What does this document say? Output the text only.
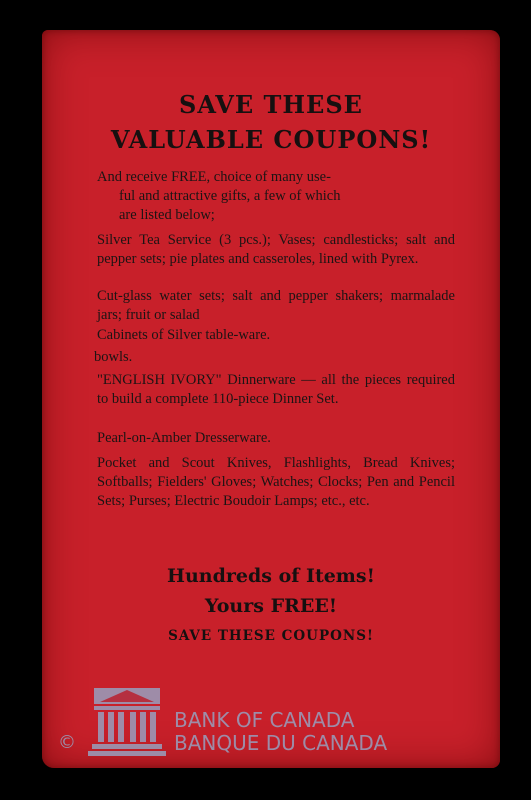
SAVE THESE
VALUABLE COUPONS!

And receive FREE, choice of many use-
ful and attractive gifts, a few of which
are listed below;

Silver Tea Service (3 pcs.); Vases; candlesticks; salt and pepper sets; pie plates and casseroles, lined with Pyrex.

Cut-glass water sets; salt and pepper shakers; marmalade jars; fruit or salad

Cabinets of Silver table-ware.

bowls.

"ENGLISH IVORY" Dinnerware — all the pieces required to build a complete 110-piece Dinner Set.

Pearl-on-Amber Dresserware.

Pocket and Scout Knives, Flashlights, Bread Knives; Softballs; Fielders' Gloves; Watches; Clocks; Pen and Pencil Sets; Purses; Electric Boudoir Lamps; etc., etc.

Hundreds of Items!
Yours FREE!
SAVE THESE COUPONS!
©
BANK OF CANADA
BANQUE DU CANADA
